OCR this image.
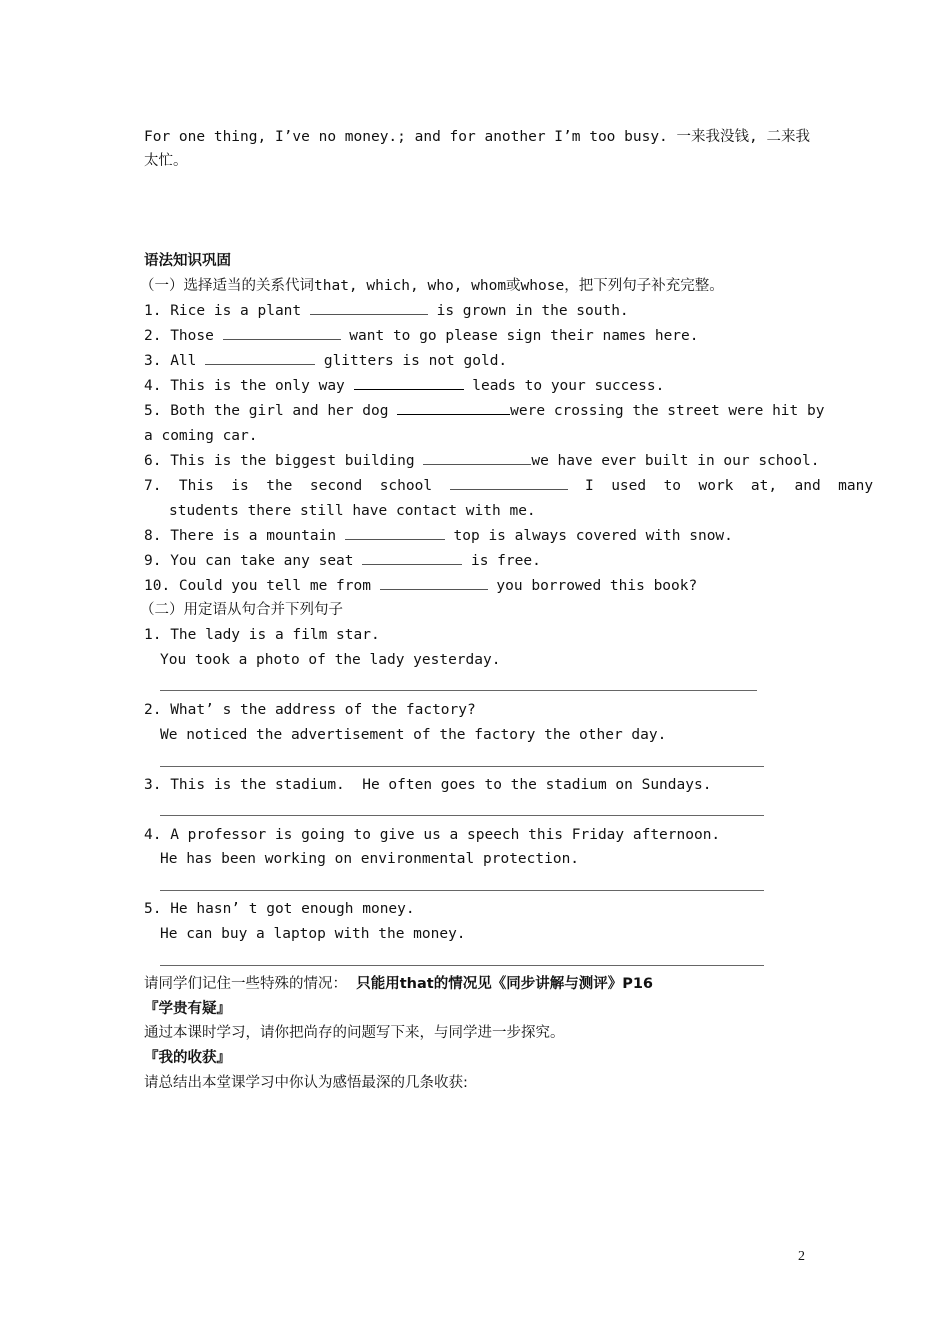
For one thing, I’ve no money.; and for another I’m too busy. 一来我没钱, 二来我
太忙。
语法知识巩固
（一）选择适当的关系代词that, which, who, whom或whose，把下列句子补充完整。
1. Rice is a plant	is grown in the south.
2. Those	want to go please sign their names here.
3. All	glitters is not gold.
4. This is the only way	leads to your success.
5. Both the girl and her dog	were crossing the street were hit by
a coming car.
6. This is the biggest building	we have ever built in our school.
7.  This  is  the  second  school	I  used  to  work  at,  and  many
students there still have contact with me.
8. There is a mountain	top is always covered with snow.
9. You can take any seat	is free.
10. Could you tell me from	you borrowed this book?
（二）用定语从句合并下列句子
1. The lady is a film star.
You took a photo of the lady yesterday.
2. What’ s the address of the factory?
We noticed the advertisement of the factory the other day.
3. This is the stadium.  He often goes to the stadium on Sundays.
4. A professor is going to give us a speech this Friday afternoon.
He has been working on environmental protection.
5. He hasn’ t got enough money.
He can buy a laptop with the money.
请同学们记住一些特殊的情况：  只能用that的情况见《同步讲解与测评》P16
『学贵有疑』
通过本课时学习，请你把尚存的问题写下来，与同学进一步探究。
『我的收获』
请总结出本堂课学习中你认为感悟最深的几条收获:
2
